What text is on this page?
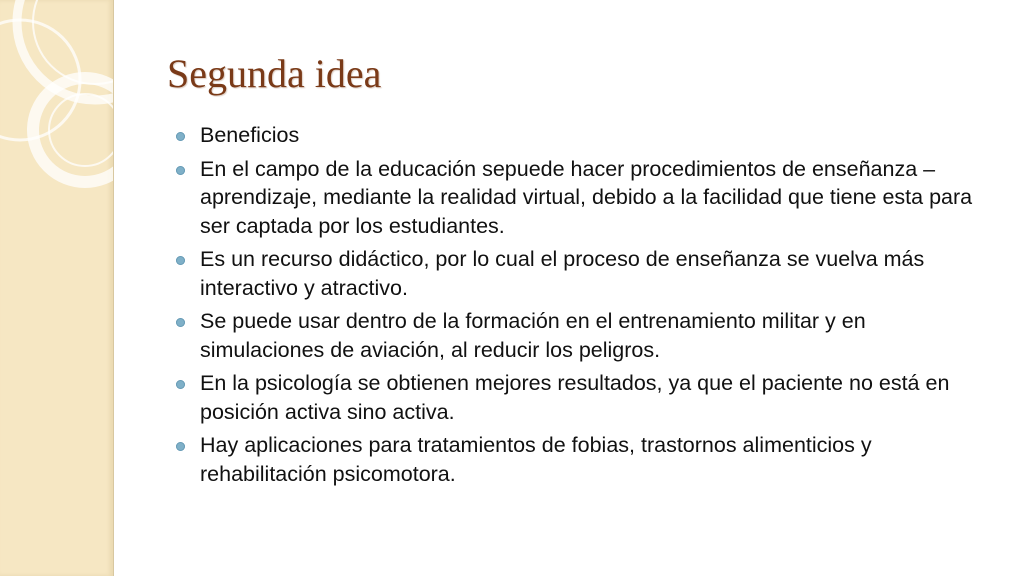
Segunda idea
Beneficios
En el campo de la educación sepuede hacer procedimientos de enseñanza – aprendizaje, mediante la realidad virtual, debido a la facilidad que tiene esta para ser captada por los estudiantes.
Es un recurso didáctico, por lo cual el proceso de enseñanza se vuelva más interactivo y atractivo.
Se puede usar dentro de la formación en el entrenamiento militar y en simulaciones de aviación, al reducir los peligros.
En la psicología se obtienen mejores resultados, ya que el paciente no está en posición activa sino activa.
Hay aplicaciones para tratamientos de fobias, trastornos alimenticios y rehabilitación psicomotora.
